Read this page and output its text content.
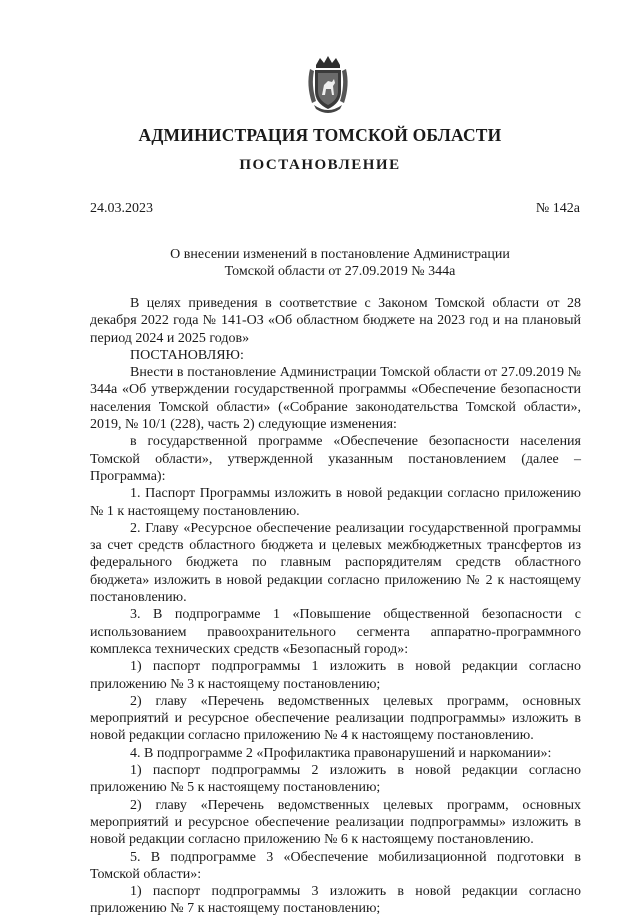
АДМИНИСТРАЦИЯ ТОМСКОЙ ОБЛАСТИ
ПОСТАНОВЛЕНИЕ
24.03.2023	№ 142а
О внесении изменений в постановление Администрации
Томской области от 27.09.2019 № 344а

В целях приведения в соответствие с Законом Томской области от 28 декабря 2022 года № 141-ОЗ «Об областном бюджете на 2023 год и на плановый период 2024 и 2025 годов»

ПОСТАНОВЛЯЮ:

Внести в постановление Администрации Томской области от 27.09.2019 № 344а «Об утверждении государственной программы «Обеспечение безопасности населения Томской области» («Собрание законодательства Томской области», 2019, № 10/1 (228), часть 2) следующие изменения:

в государственной программе «Обеспечение безопасности населения Томской области», утвержденной указанным постановлением (далее – Программа):

1. Паспорт Программы изложить в новой редакции согласно приложению № 1 к настоящему постановлению.

2. Главу «Ресурсное обеспечение реализации государственной программы за счет средств областного бюджета и целевых межбюджетных трансфертов из федерального бюджета по главным распорядителям средств областного бюджета» изложить в новой редакции согласно приложению № 2 к настоящему постановлению.

3. В подпрограмме 1 «Повышение общественной безопасности с использованием правоохранительного сегмента аппаратно-программного комплекса технических средств «Безопасный город»:

1) паспорт подпрограммы 1 изложить в новой редакции согласно приложению № 3 к настоящему постановлению;

2) главу «Перечень ведомственных целевых программ, основных мероприятий и ресурсное обеспечение реализации подпрограммы» изложить в новой редакции согласно приложению № 4 к настоящему постановлению.

4. В подпрограмме 2 «Профилактика правонарушений и наркомании»:

1) паспорт подпрограммы 2 изложить в новой редакции согласно приложению № 5 к настоящему постановлению;

2) главу «Перечень ведомственных целевых программ, основных мероприятий и ресурсное обеспечение реализации подпрограммы» изложить в новой редакции согласно приложению № 6 к настоящему постановлению.

5. В подпрограмме 3 «Обеспечение мобилизационной подготовки в Томской области»:

1) паспорт подпрограммы 3 изложить в новой редакции согласно приложению № 7 к настоящему постановлению;
